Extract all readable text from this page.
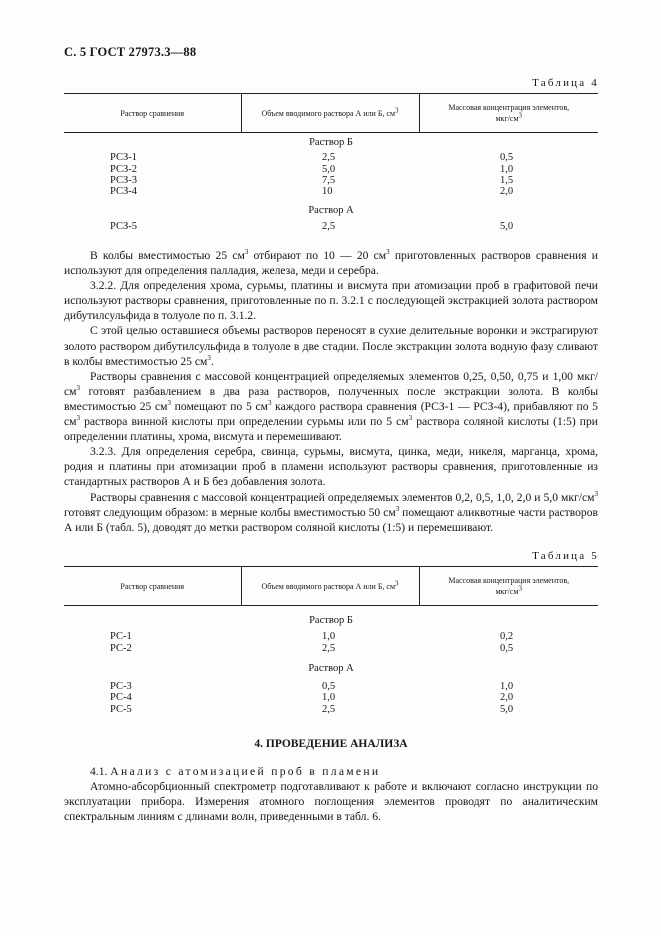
С. 5 ГОСТ 27973.3—88
Таблица 4
Раствор сравнения	Объем вводимого раствора А или Б, $см^3$	Массовая концентрация элементов,
мкг/$см^3$
Раствор Б		
РСЗ-1	2,5	0,5
РСЗ-2	5,0	1,0
РСЗ-3	7,5	1,5
РСЗ-4	10	2,0
Раствор А		
РСЗ-5	2,5	5,0

В колбы вместимостью 25 $см^3$ отбирают по 10 — 20 $см^3$ приготовленных растворов сравнения и используют для определения палладия, железа, меди и серебра.

3.2.2. Для определения хрома, сурьмы, платины и висмута при атомизации проб в графитовой печи используют растворы сравнения, приготовленные по п. 3.2.1 с последующей экстракцией золота раствором дибутилсульфида в толуоле по п. 3.1.2.

С этой целью оставшиеся объемы растворов переносят в сухие делительные воронки и экстрагируют золото раствором дибутилсульфида в толуоле в две стадии. После экстракции золота водную фазу сливают в колбы вместимостью 25 $см^3$.

Растворы сравнения с массовой концентрацией определяемых элементов 0,25, 0,50, 0,75 и 1,00 мкг/$см^3$ готовят разбавлением в два раза растворов, полученных после экстракции золота. В колбы вместимостью 25 $см^3$ помещают по 5 $см^3$ каждого раствора сравнения (РСЗ-1 — РСЗ-4), прибавляют по 5 $см^3$ раствора винной кислоты при определении сурьмы или по 5 $см^3$ раствора соляной кислоты (1:5) при определении платины, хрома, висмута и перемешивают.

3.2.3. Для определения серебра, свинца, сурьмы, висмута, цинка, меди, никеля, марганца, хрома, родия и платины при атомизации проб в пламени используют растворы сравнения, приготовленные из стандартных растворов А и Б без добавления золота.

Растворы сравнения с массовой концентрацией определяемых элементов 0,2, 0,5, 1,0, 2,0 и 5,0 мкг/$см^3$ готовят следующим образом: в мерные колбы вместимостью 50 $см^3$ помещают аликвотные части растворов А или Б (табл. 5), доводят до метки раствором соляной кислоты (1:5) и перемешивают.

Таблица 5
Раствор сравнения	Объем вводимого раствора А или Б, $см^3$	Массовая концентрация элементов,
мкг/$см^3$
Раствор Б		
РС-1	1,0	0,2
РС-2	2,5	0,5
Раствор А		
РС-3	0,5	1,0
РС-4	1,0	2,0
РС-5	2,5	5,0
4. ПРОВЕДЕНИЕ АНАЛИЗА

4.1. Анализ с атомизацией проб в пламени

Атомно-абсорбционный спектрометр подготавливают к работе и включают согласно инструкции по эксплуатации прибора. Измерения атомного поглощения элементов проводят по аналитическим спектральным линиям с длинами волн, приведенными в табл. 6.
